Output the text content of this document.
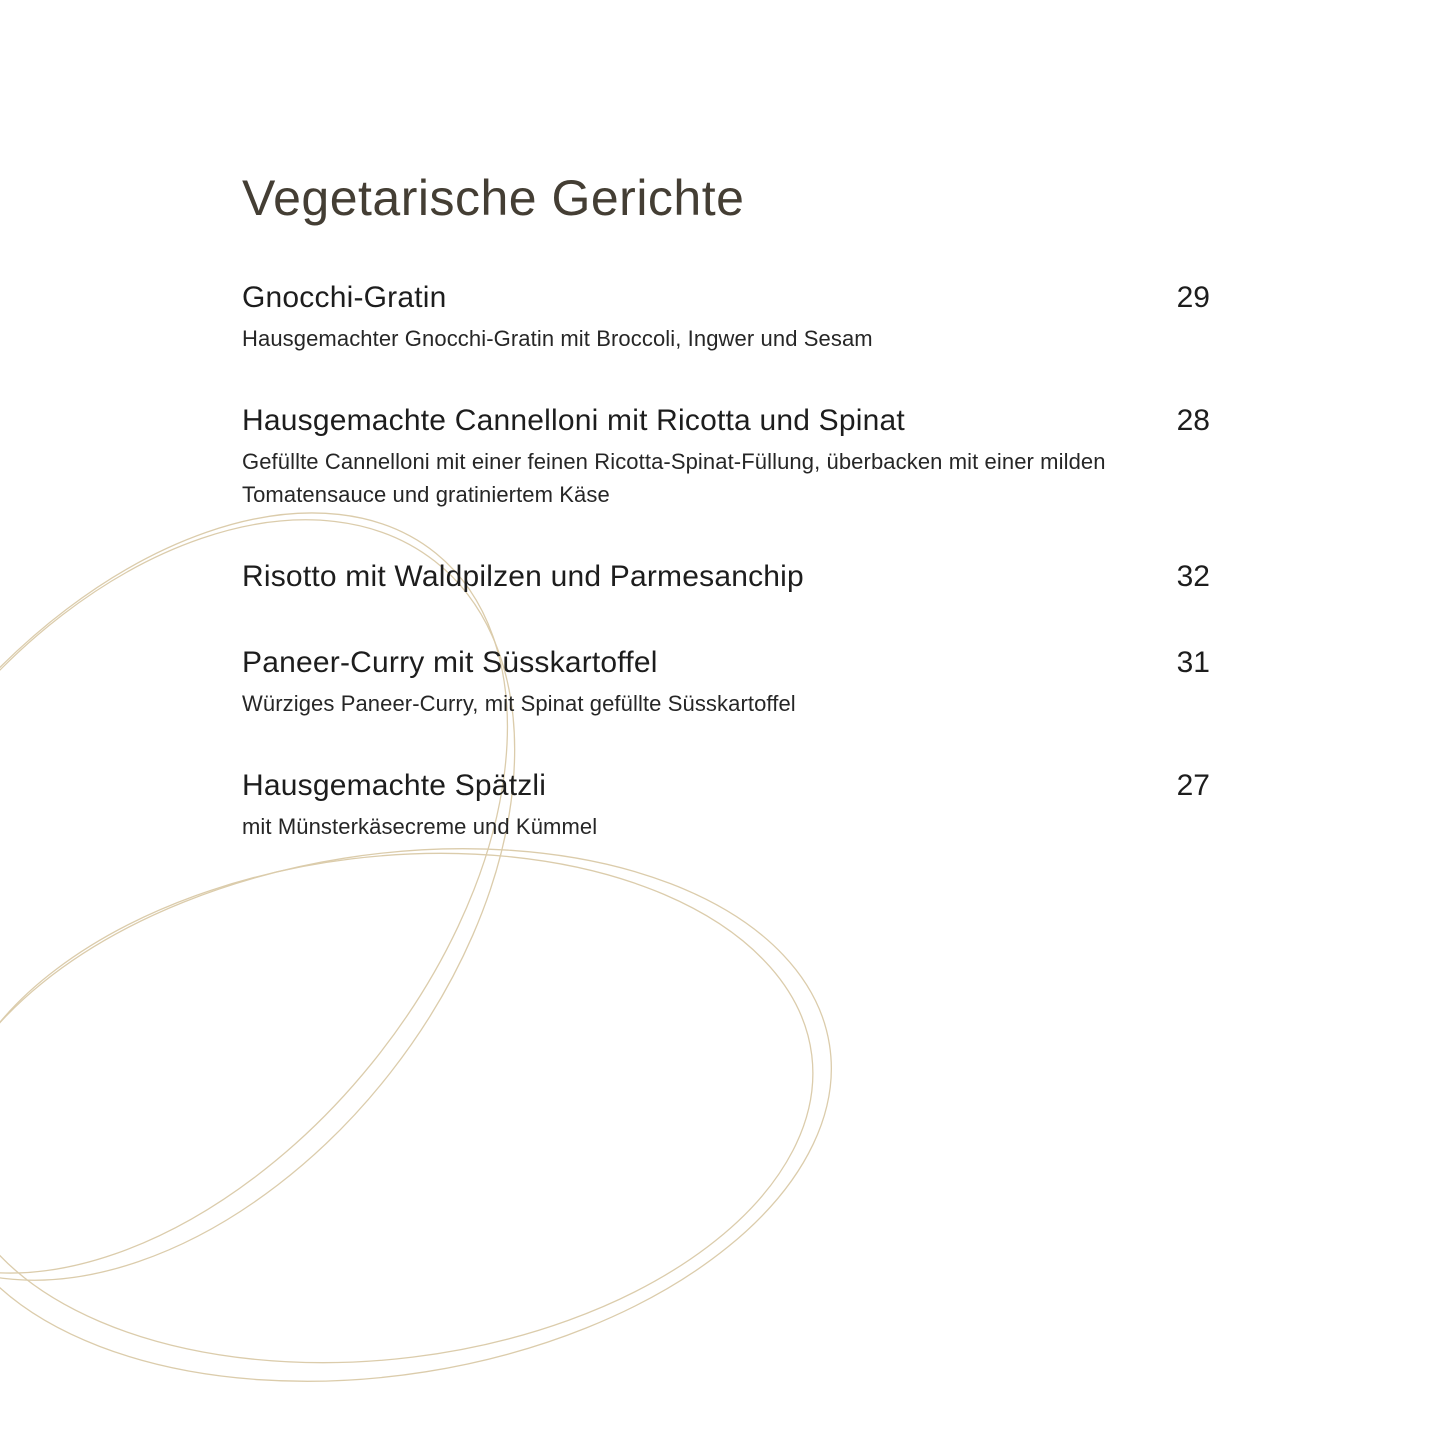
Vegetarische Gerichte
Gnocchi-Gratin	29

Hausgemachter Gnocchi-Gratin mit Broccoli, Ingwer und Sesam

Hausgemachte Cannelloni mit Ricotta und Spinat	28

Gefüllte Cannelloni mit einer feinen Ricotta-Spinat-Füllung, überbacken mit einer milden Tomatensauce und gratiniertem Käse

Risotto mit Waldpilzen und Parmesanchip	32
Paneer-Curry mit Süsskartoffel	31

Würziges Paneer-Curry, mit Spinat gefüllte Süsskartoffel

Hausgemachte Spätzli	27

mit Münsterkäsecreme und Kümmel
